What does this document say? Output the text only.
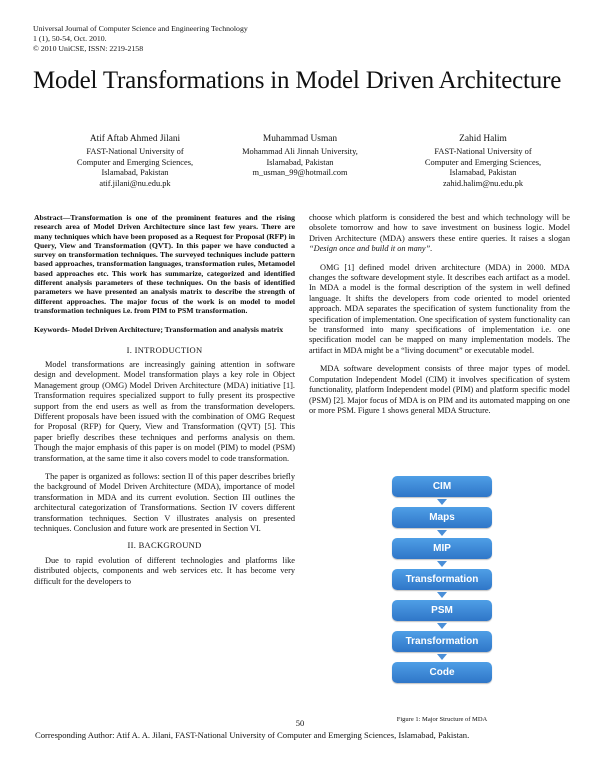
Universal Journal of Computer Science and Engineering Technology
1 (1), 50-54, Oct. 2010.
© 2010 UniCSE, ISSN: 2219-2158
Model Transformations in Model Driven Architecture
Atif Aftab Ahmed Jilani
FAST-National University of
Computer and Emerging Sciences,
Islamabad, Pakistan
atif.jilani@nu.edu.pk
Muhammad Usman
Mohammad Ali Jinnah University,
Islamabad, Pakistan
m_usman_99@hotmail.com
Zahid Halim
FAST-National University of
Computer and Emerging Sciences,
Islamabad, Pakistan
zahid.halim@nu.edu.pk

Abstract—Transformation is one of the prominent features and the rising research area of Model Driven Architecture since last few years. There are many techniques which have been proposed as a Request for Proposal (RFP) in Query, View and Transformation (QVT). In this paper we have conducted a survey on transformation techniques. The surveyed techniques include pattern based approaches, transformation languages, transformation rules, Metamodel based approaches etc. This work has summarize, categorized and identified different analysis parameters of these techniques. On the basis of identified parameters we have presented an analysis matrix to describe the strength of different approaches. The major focus of the work is on model to model transformation techniques i.e. from PIM to PSM transformation.

Keywords- Model Driven Architecture; Transformation and analysis matrix

I. INTRODUCTION

Model transformations are increasingly gaining attention in software design and development. Model transformation plays a key role in Object Management group (OMG) Model Driven Architecture (MDA) initiative [1]. Transformation requires specialized support to fully present its prospective support from the end users as well as from the transformation developers. Different proposals have been issued with the combination of OMG Request for Proposal (RFP) for Query, View and Transformation (QVT) [5]. This paper briefly describes these techniques and performs analysis on them. Though the major emphasis of this paper is on model (PIM) to model (PSM) transformation, at the same time it also covers model to code transformation.

The paper is organized as follows: section II of this paper describes briefly the background of Model Driven Architecture (MDA), importance of model transformation in MDA and its current evolution. Section III outlines the architectural categorization of Transformations. Section IV covers different transformation techniques. Section V illustrates analysis on presented techniques. Conclusion and future work are presented in Section VI.

II. BACKGROUND

Due to rapid evolution of different technologies and platforms like distributed objects, components and web services etc. It has become very difficult for the developers to

choose which platform is considered the best and which technology will be obsolete tomorrow and how to save investment on business logic. Model Driven Architecture (MDA) answers these entire queries. It raises a slogan “Design once and build it on many”.

OMG [1] defined model driven architecture (MDA) in 2000. MDA changes the software development style. It describes each artifact as a model. In MDA a model is the formal description of the system in well defined language. It shifts the developers from code oriented to model oriented approach. MDA separates the specification of system functionality from the specification of implementation. One specification of system functionality can be transformed into many specifications of implementation i.e. one specification model can be mapped on many implementation models. The artifact in MDA might be a “living document” or executable model.

MDA software development consists of three major types of model. Computation Independent Model (CIM) it involves specification of system functionality, platform Independent model (PIM) and platform specific model (PSM) [2]. Major focus of MDA is on PIM and its automated mapping on one or more PSM. Figure 1 shows general MDA Structure.

CIM
Maps
MIP
Transformation
PSM
Transformation
Code
Figure 1: Major Structure of MDA
50
Corresponding Author: Atif A. A. Jilani, FAST-National University of Computer and Emerging Sciences, Islamabad, Pakistan.
